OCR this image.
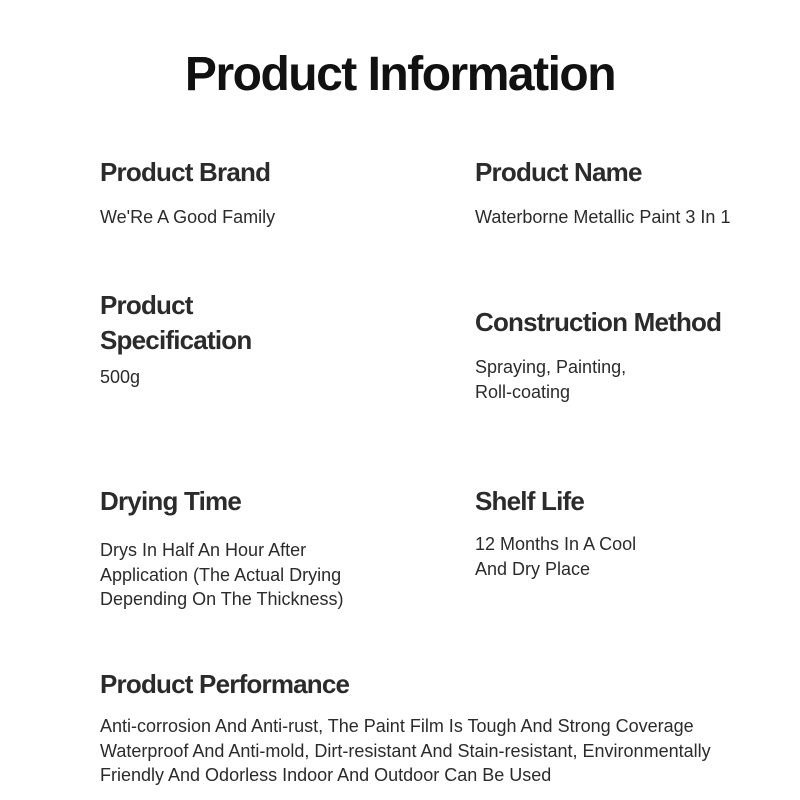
Product Information
Product Brand

We'Re A Good Family

Product Name

Waterborne Metallic Paint 3 In 1

Product
Specification

500g

Construction Method

Spraying, Painting,
Roll-coating

Drying Time

Drys In Half An Hour After
Application (The Actual Drying
Depending On The Thickness)

Shelf Life

12 Months In A Cool
And Dry Place

Product Performance

Anti-corrosion And Anti-rust, The Paint Film Is Tough And Strong Coverage
Waterproof And Anti-mold, Dirt-resistant And Stain-resistant, Environmentally
Friendly And Odorless Indoor And Outdoor Can Be Used
